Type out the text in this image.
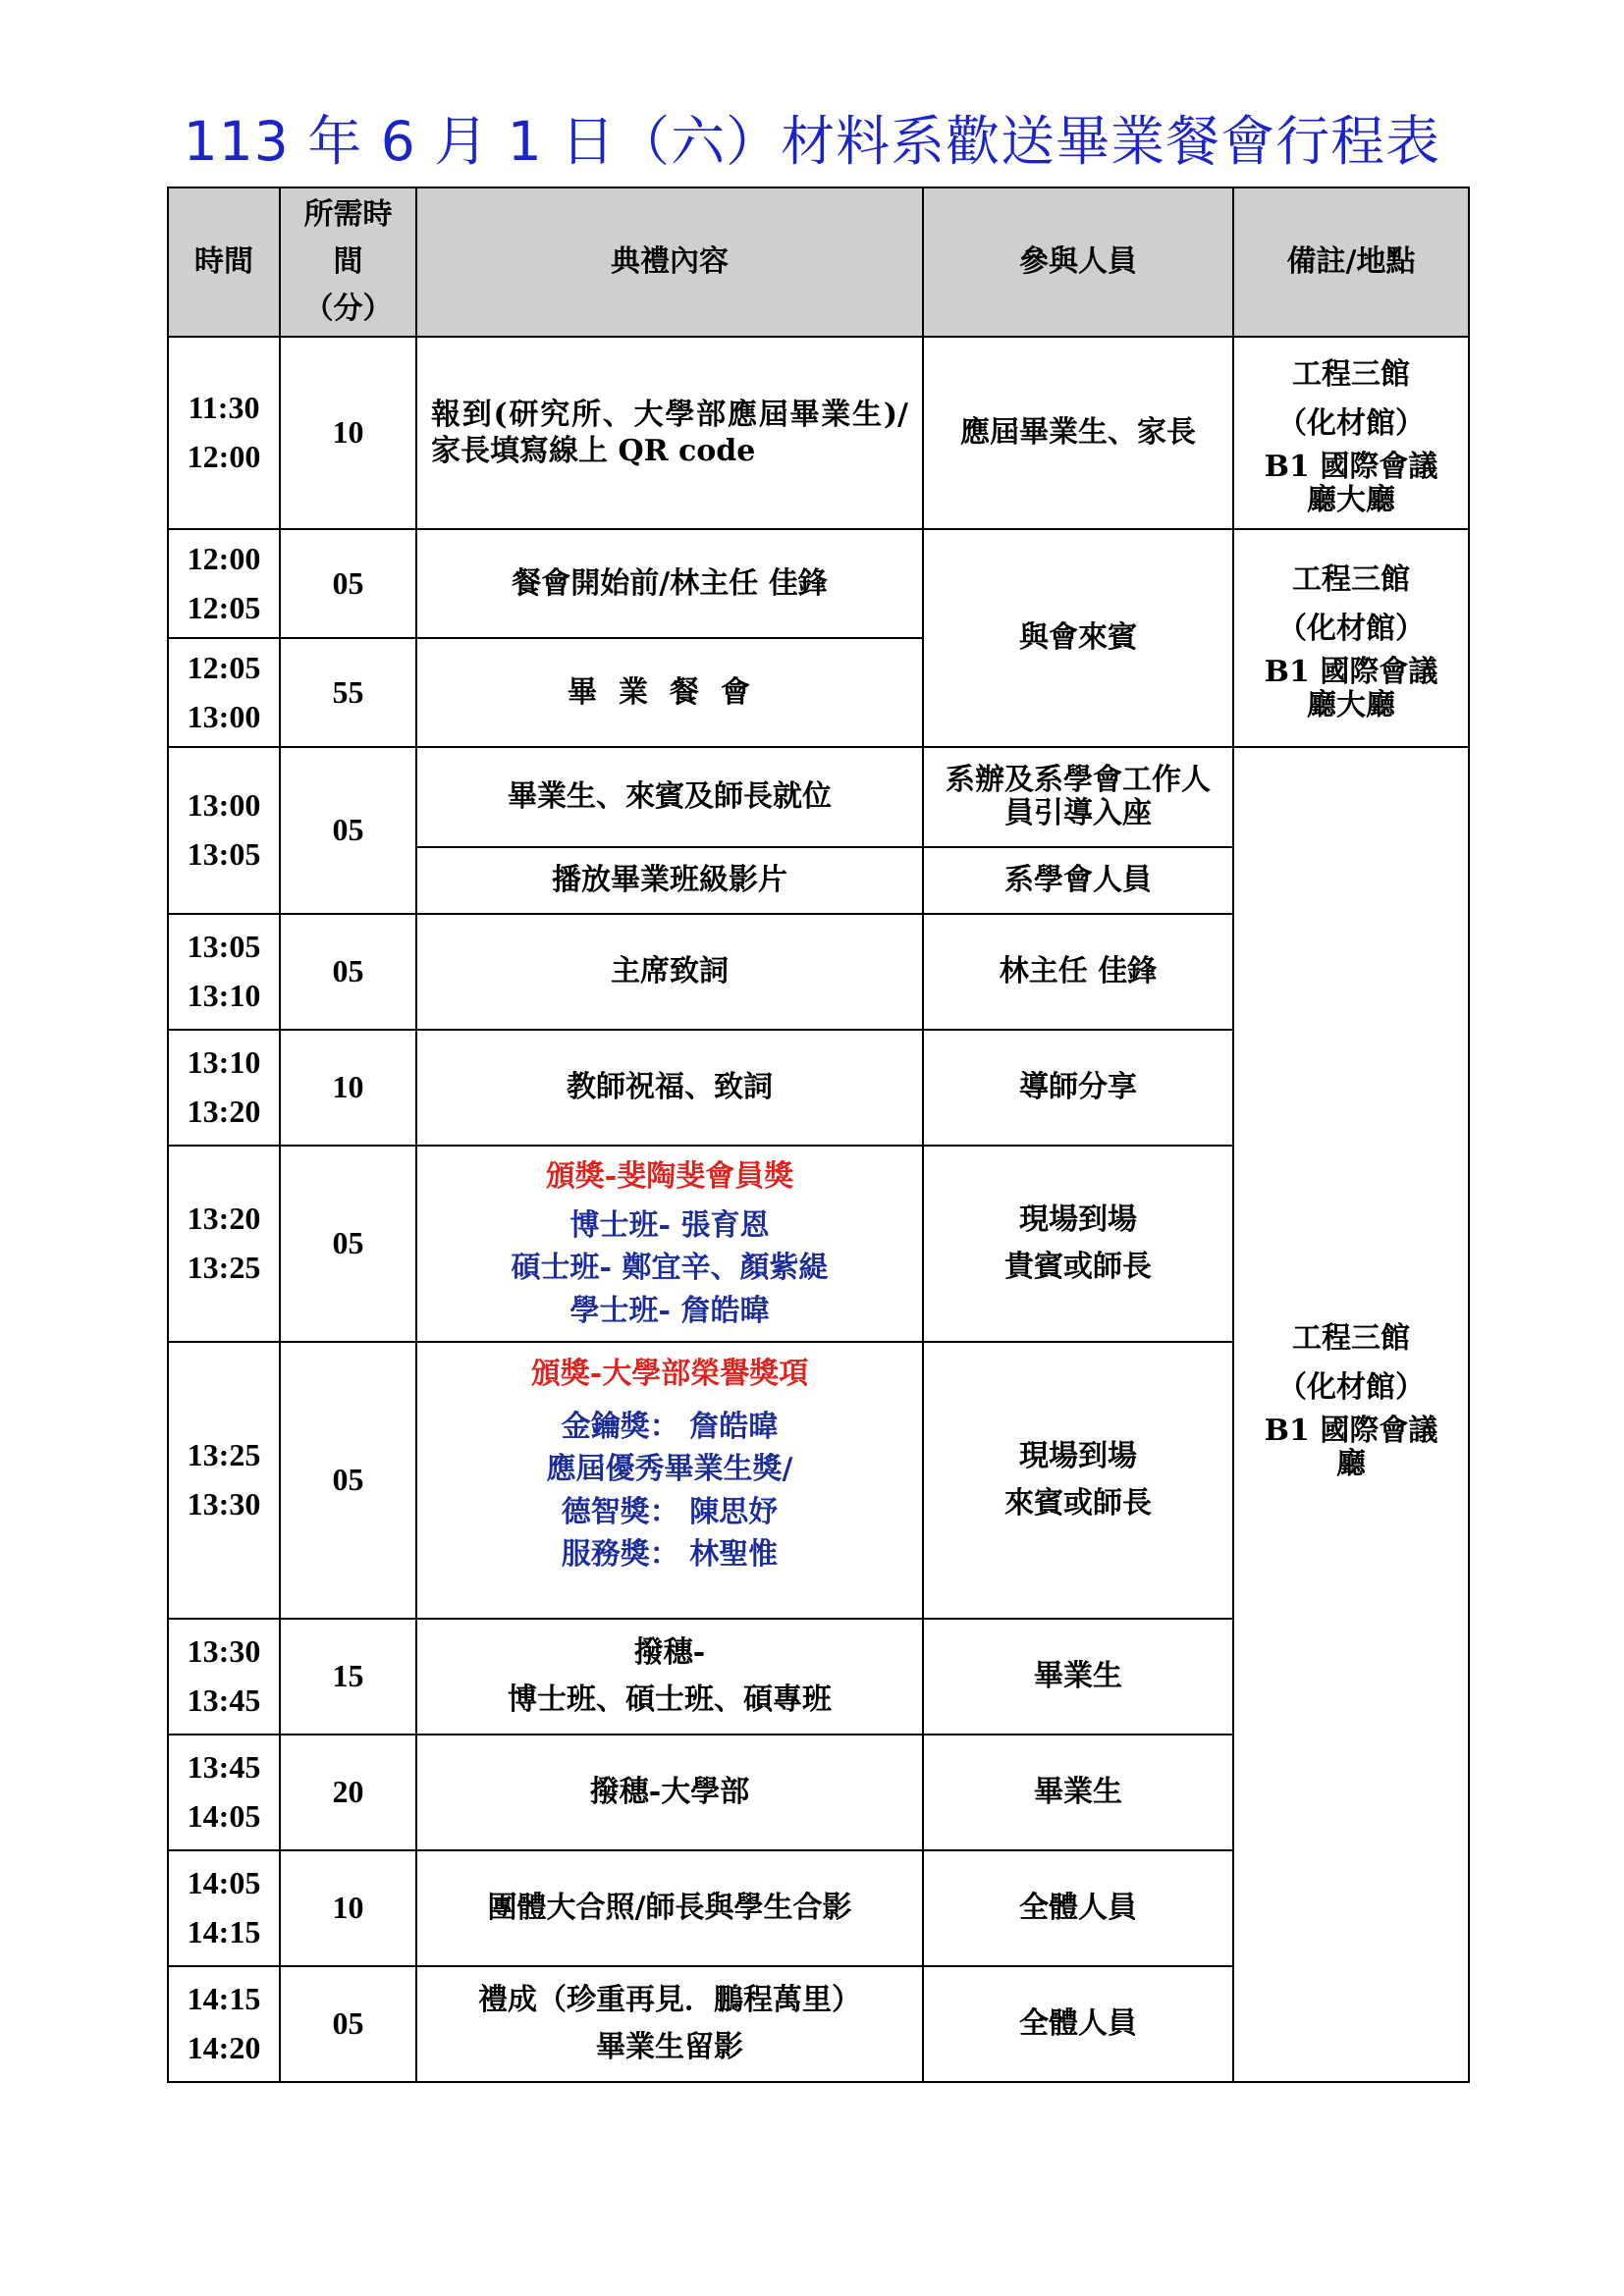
113 年 6 月 1 日（六）材料系歡送畢業餐會行程表
時間	所需時
間
（分）	典禮內容	參與人員	備註/地點

11:30
12:00	10	報到(研究所、大學部應屆畢業生)/家長填寫線上 QR code	應屆畢業生、家長	工程三館
（化材館）
B1 國際會議
廳大廳

12:00
12:05	05	餐會開始前/林主任 佳鋒	與會來賓	工程三館
（化材館）
B1 國際會議
廳大廳

12:05
13:00	55	畢業餐會		

13:00
13:05	05	畢業生、來賓及師長就位	系辦及系學會工作人員引導入座	工程三館
（化材館）
B1 國際會議
廳

		播放畢業班級影片	系學會人員	

13:05
13:10	05	主席致詞	林主任 佳鋒	

13:10
13:20	10	教師祝福、致詞	導師分享	

13:20
13:25	05	頒獎-斐陶斐會員獎
博士班- 張育恩
碩士班- 鄭宜辛、顏紫緹
學士班- 詹皓暐	現場到場
貴賓或師長	

13:25
13:30	05	頒獎-大學部榮譽獎項
金鑰獎： 詹皓暐
應屆優秀畢業生獎/
德智獎： 陳思妤
服務獎： 林聖惟	現場到場
來賓或師長	

13:30
13:45	15	撥穗-
博士班、碩士班、碩專班	畢業生	

13:45
14:05	20	撥穗-大學部	畢業生	

14:05
14:15	10	團體大合照/師長與學生合影	全體人員	

14:15
14:20	05	禮成（珍重再見．鵬程萬里）
畢業生留影	全體人員	
